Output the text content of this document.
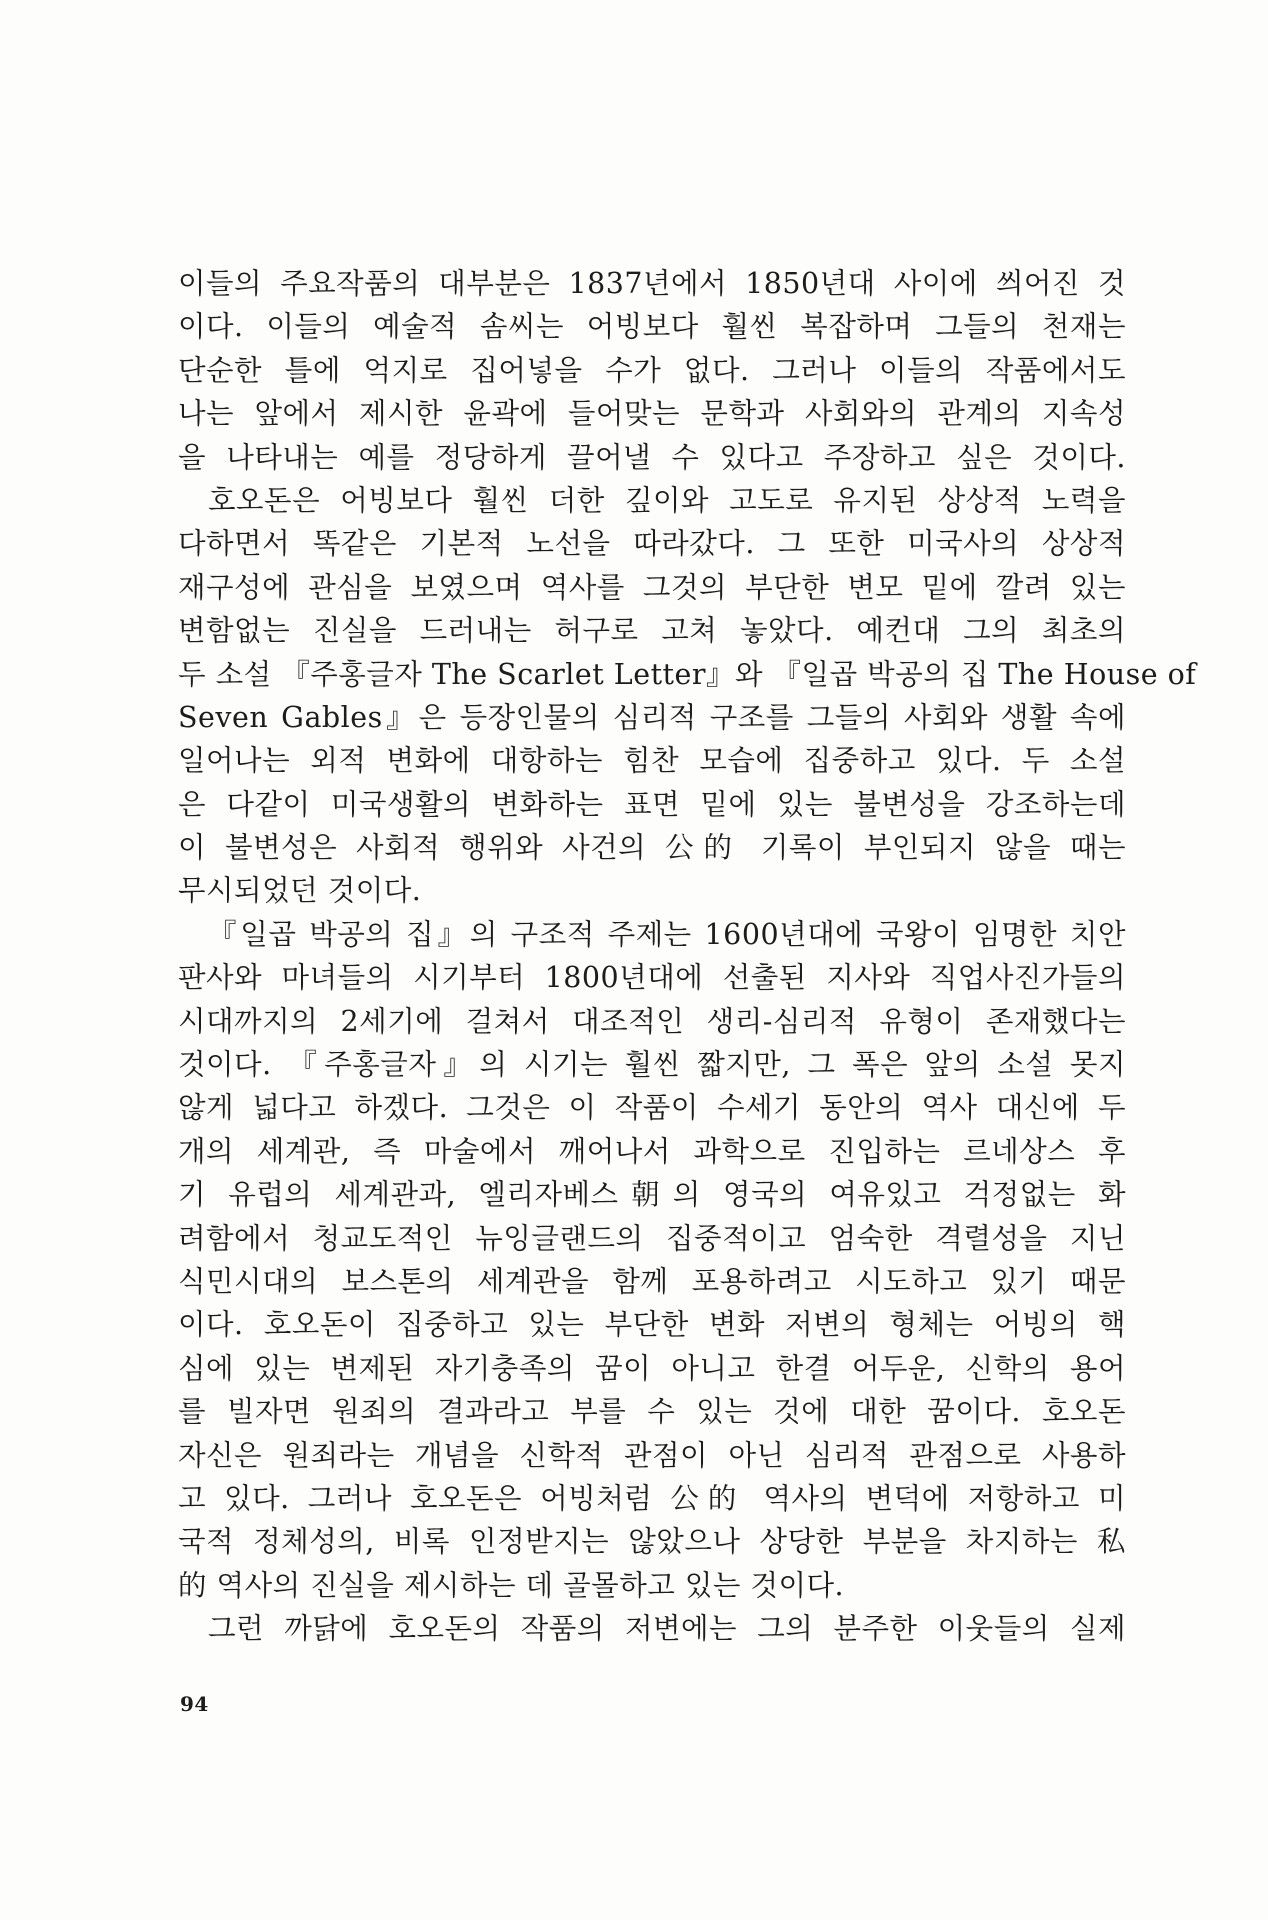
이들의 주요작품의 대부분은 1837년에서 1850년대 사이에 씌어진 것
이다. 이들의 예술적 솜씨는 어빙보다 훨씬 복잡하며 그들의 천재는
단순한 틀에 억지로 집어넣을 수가 없다. 그러나 이들의 작품에서도
나는 앞에서 제시한 윤곽에 들어맞는 문학과 사회와의 관계의 지속성
을 나타내는 예를 정당하게 끌어낼 수 있다고 주장하고 싶은 것이다.
호오돈은 어빙보다 훨씬 더한 깊이와 고도로 유지된 상상적 노력을
다하면서 똑같은 기본적 노선을 따라갔다. 그 또한 미국사의 상상적
재구성에 관심을 보였으며 역사를 그것의 부단한 변모 밑에 깔려 있는
변함없는 진실을 드러내는 허구로 고쳐 놓았다. 예컨대 그의 최초의
두 소설 『주홍글자 The Scarlet Letter』와 『일곱 박공의 집 The House of
Seven Gables』은 등장인물의 심리적 구조를 그들의 사회와 생활 속에
일어나는 외적 변화에 대항하는 힘찬 모습에 집중하고 있다. 두 소설
은 다같이 미국생활의 변화하는 표면 밑에 있는 불변성을 강조하는데
이 불변성은 사회적 행위와 사건의 公的 기록이 부인되지 않을 때는
무시되었던 것이다.
『일곱 박공의 집』의 구조적 주제는 1600년대에 국왕이 임명한 치안
판사와 마녀들의 시기부터 1800년대에 선출된 지사와 직업사진가들의
시대까지의 2세기에 걸쳐서 대조적인 생리-심리적 유형이 존재했다는
것이다. 『주홍글자』의 시기는 훨씬 짧지만, 그 폭은 앞의 소설 못지
않게 넓다고 하겠다. 그것은 이 작품이 수세기 동안의 역사 대신에 두
개의 세계관, 즉 마술에서 깨어나서 과학으로 진입하는 르네상스 후
기 유럽의 세계관과, 엘리자베스朝의 영국의 여유있고 걱정없는 화
려함에서 청교도적인 뉴잉글랜드의 집중적이고 엄숙한 격렬성을 지닌
식민시대의 보스톤의 세계관을 함께 포용하려고 시도하고 있기 때문
이다. 호오돈이 집중하고 있는 부단한 변화 저변의 형체는 어빙의 핵
심에 있는 변제된 자기충족의 꿈이 아니고 한결 어두운, 신학의 용어
를 빌자면 원죄의 결과라고 부를 수 있는 것에 대한 꿈이다. 호오돈
자신은 원죄라는 개념을 신학적 관점이 아닌 심리적 관점으로 사용하
고 있다. 그러나 호오돈은 어빙처럼 公的 역사의 변덕에 저항하고 미
국적 정체성의, 비록 인정받지는 않았으나 상당한 부분을 차지하는 私
的 역사의 진실을 제시하는 데 골몰하고 있는 것이다.
그런 까닭에 호오돈의 작품의 저변에는 그의 분주한 이웃들의 실제
94
